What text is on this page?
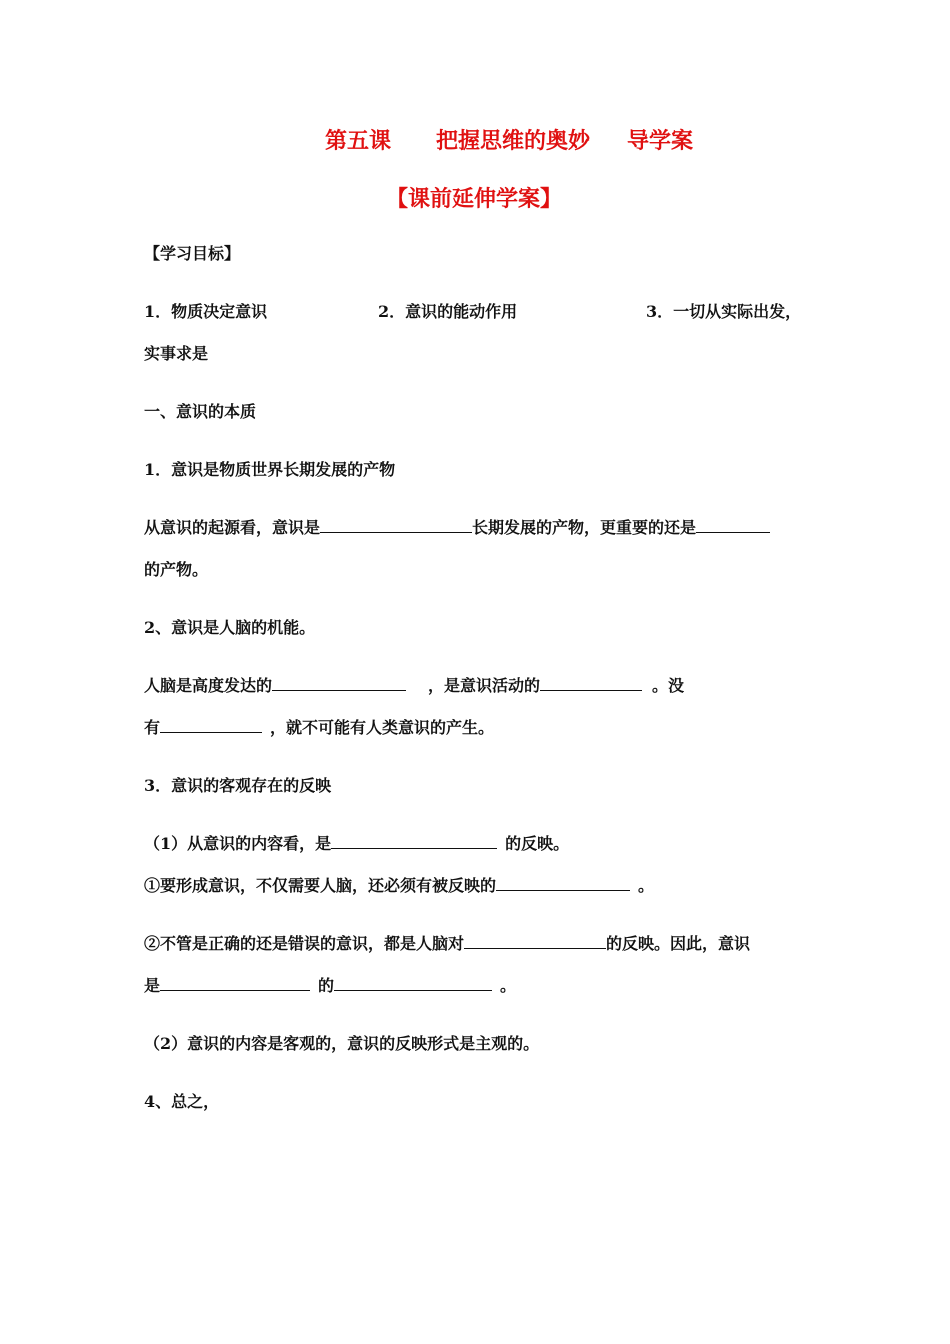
第五课 把握思维的奥妙 导学案
【课前延伸学案】
【学习目标】
1．物质决定意识	2．意识的能动作用	3．一切从实际出发，
实事求是
一、意识的本质
1．意识是物质世界长期发展的产物
从意识的起源看，意识是	长期发展的产物，更重要的还是
的产物。
2、意识是人脑的机能。
人脑是高度发达的	，是意识活动的	。没
有	，就不可能有人类意识的产生。
3．意识的客观存在的反映
（1）从意识的内容看，是	的反映。
①要形成意识，不仅需要人脑，还必须有被反映的	。
②不管是正确的还是错误的意识，都是人脑对	的反映。因此，意识
是	的	。
（2）意识的内容是客观的，意识的反映形式是主观的。
4、总之，
